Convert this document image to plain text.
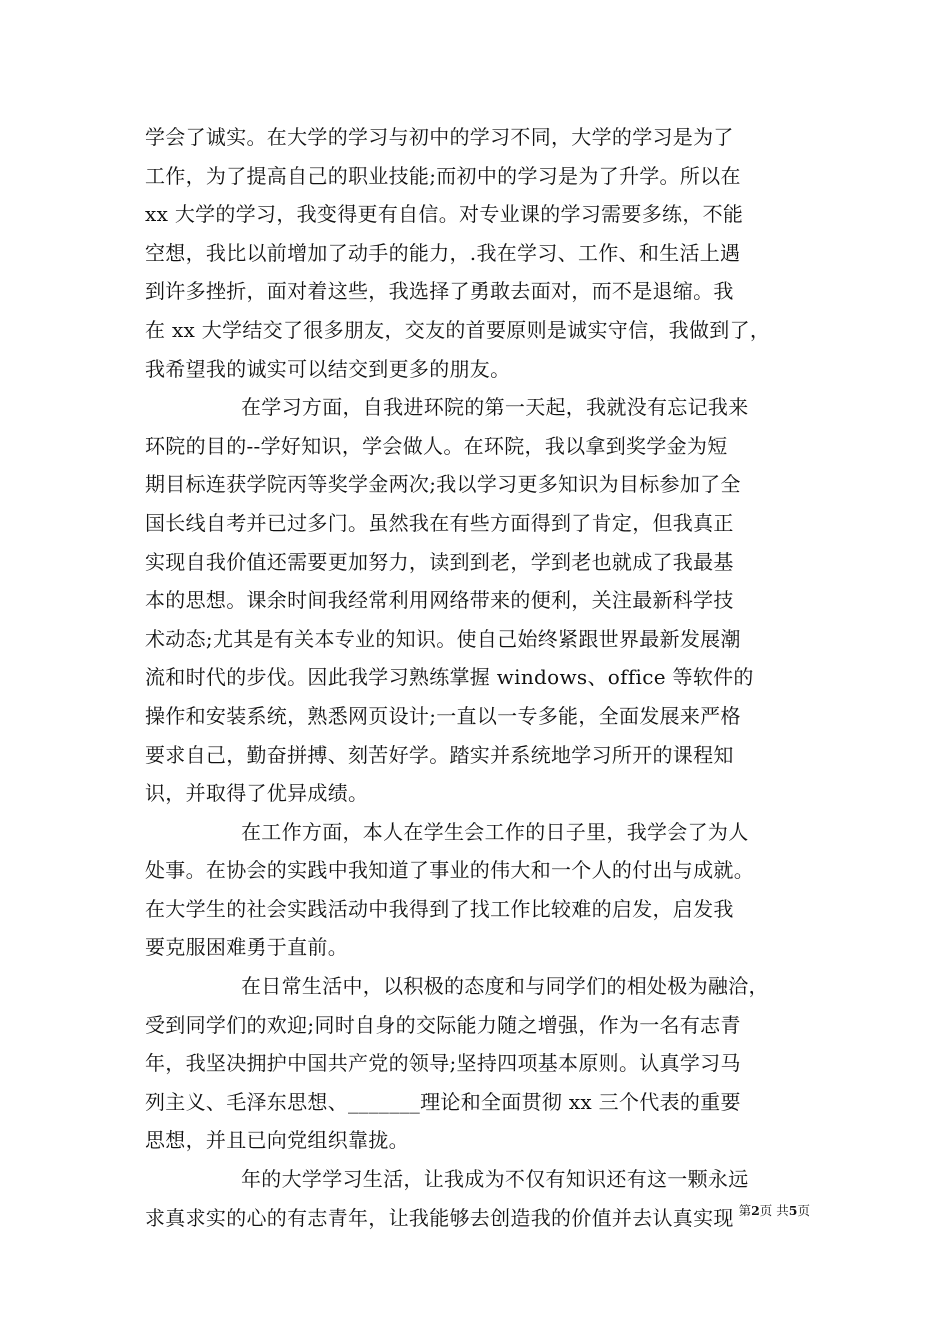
学会了诚实。在大学的学习与初中的学习不同，大学的学习是为了
工作，为了提高自己的职业技能;而初中的学习是为了升学。所以在
xx 大学的学习，我变得更有自信。对专业课的学习需要多练，不能
空想，我比以前增加了动手的能力，.我在学习、工作、和生活上遇
到许多挫折，面对着这些，我选择了勇敢去面对，而不是退缩。我
在 xx 大学结交了很多朋友，交友的首要原则是诚实守信，我做到了，
我希望我的诚实可以结交到更多的朋友。
在学习方面，自我进环院的第一天起，我就没有忘记我来
环院的目的--学好知识，学会做人。在环院，我以拿到奖学金为短
期目标连获学院丙等奖学金两次;我以学习更多知识为目标参加了全
国长线自考并已过多门。虽然我在有些方面得到了肯定，但我真正
实现自我价值还需要更加努力，读到到老，学到老也就成了我最基
本的思想。课余时间我经常利用网络带来的便利，关注最新科学技
术动态;尤其是有关本专业的知识。使自己始终紧跟世界最新发展潮
流和时代的步伐。因此我学习熟练掌握 windows、office 等软件的
操作和安装系统，熟悉网页设计;一直以一专多能，全面发展来严格
要求自己，勤奋拼搏、刻苦好学。踏实并系统地学习所开的课程知
识，并取得了优异成绩。
在工作方面，本人在学生会工作的日子里，我学会了为人
处事。在协会的实践中我知道了事业的伟大和一个人的付出与成就。
在大学生的社会实践活动中我得到了找工作比较难的启发，启发我
要克服困难勇于直前。
在日常生活中，以积极的态度和与同学们的相处极为融洽，
受到同学们的欢迎;同时自身的交际能力随之增强，作为一名有志青
年，我坚决拥护中国共产党的领导;坚持四项基本原则。认真学习马
列主义、毛泽东思想、_______理论和全面贯彻 xx 三个代表的重要
思想，并且已向党组织靠拢。
年的大学学习生活，让我成为不仅有知识还有这一颗永远
求真求实的心的有志青年，让我能够去创造我的价值并去认真实现 第2页 共5页
